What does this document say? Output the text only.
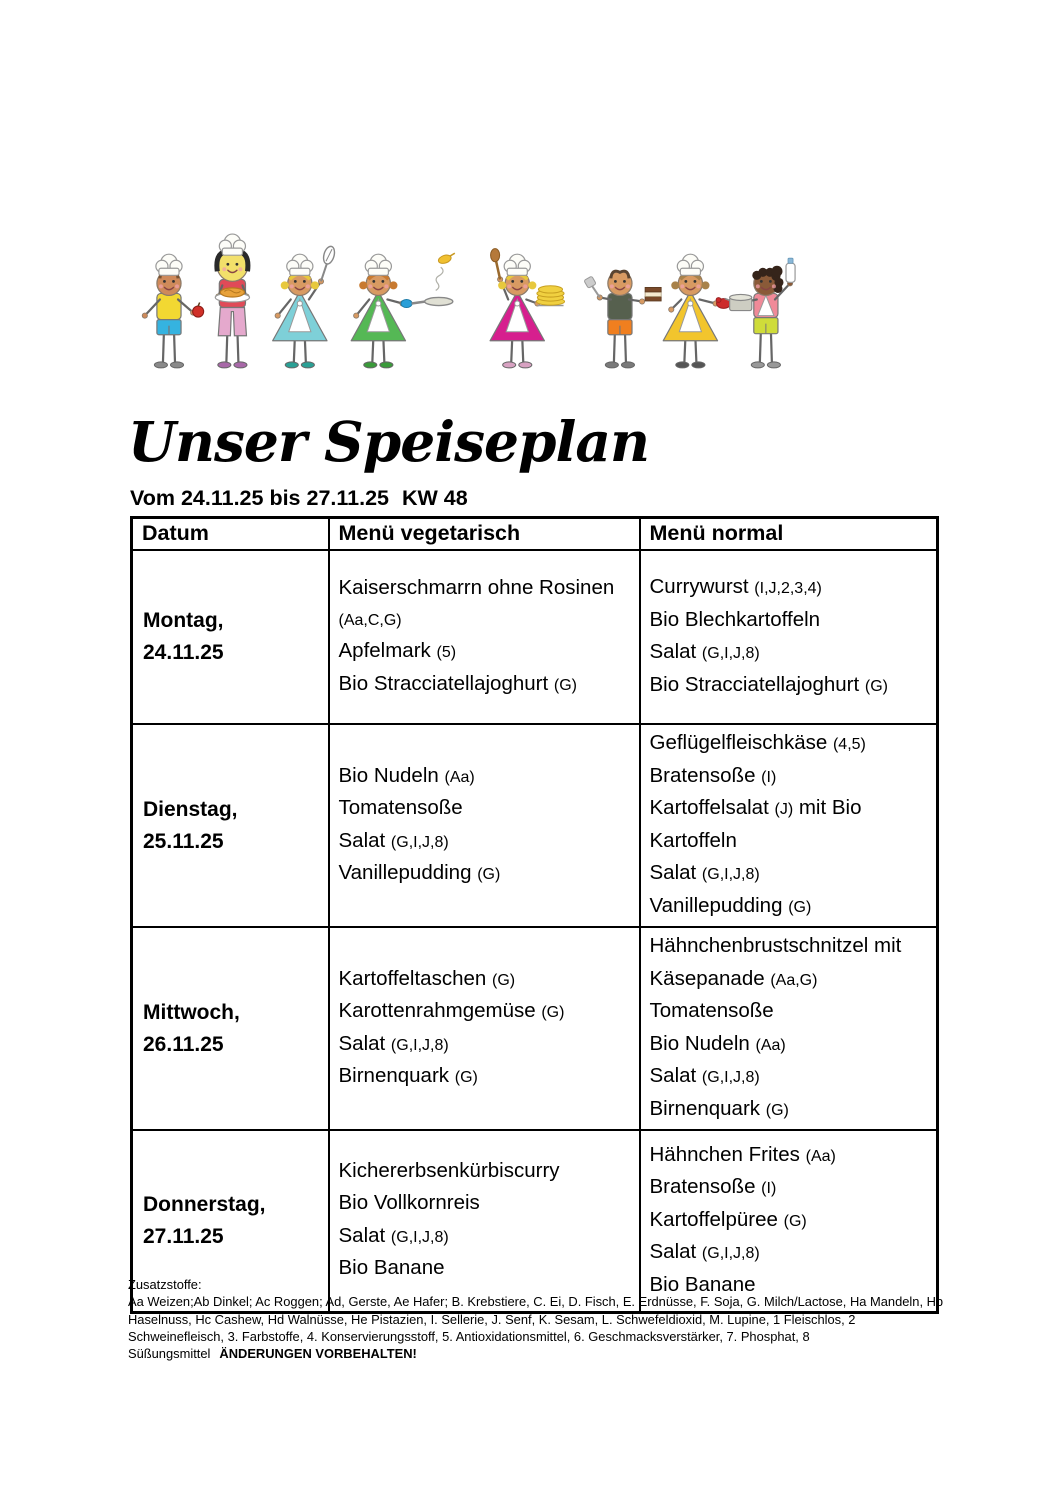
Unser Speiseplan
Vom 24.11.25 bis 27.11.25 KW 48
Datum	Menü vegetarisch	Menü normal

Montag,
24.11.25

Kaiserschmarrn ohne Rosinen (Aa,C,G)
Apfelmark (5)
Bio Stracciatellajoghurt (G)

Currywurst (I,J,2,3,4)
Bio Blechkartoffeln
Salat (G,I,J,8)
Bio Stracciatellajoghurt (G)

Dienstag,
25.11.25

Bio Nudeln (Aa)
Tomatensoße
Salat (G,I,J,8)
Vanillepudding (G)

Geflügelfleischkäse (4,5)
Bratensoße (I)
Kartoffelsalat (J) mit Bio Kartoffeln
Salat (G,I,J,8)
Vanillepudding (G)

Mittwoch,
26.11.25

Kartoffeltaschen (G)
Karottenrahmgemüse (G)
Salat (G,I,J,8)
Birnenquark (G)

Hähnchenbrustschnitzel mit Käsepanade (Aa,G)
Tomatensoße
Bio Nudeln (Aa)
Salat (G,I,J,8)
Birnenquark (G)

Donnerstag,
27.11.25

Kichererbsenkürbiscurry
Bio Vollkornreis
Salat (G,I,J,8)
Bio Banane

Hähnchen Frites (Aa)
Bratensoße (I)
Kartoffelpüree (G)
Salat (G,I,J,8)
Bio Banane
Zusatzstoffe:
Aa Weizen;Ab Dinkel; Ac Roggen; Ad, Gerste, Ae Hafer; B. Krebstiere, C. Ei, D. Fisch, E. Erdnüsse, F. Soja, G. Milch/Lactose, Ha Mandeln, Hb Haselnuss, Hc Cashew, Hd Walnüsse, He Pistazien, I. Sellerie, J. Senf, K. Sesam, L. Schwefeldioxid, M. Lupine, 1 Fleischlos, 2 Schweinefleisch, 3. Farbstoffe, 4. Konservierungsstoff, 5. Antioxidationsmittel, 6. Geschmacksverstärker, 7. Phosphat, 8 Süßungsmittel ÄNDERUNGEN VORBEHALTEN!
